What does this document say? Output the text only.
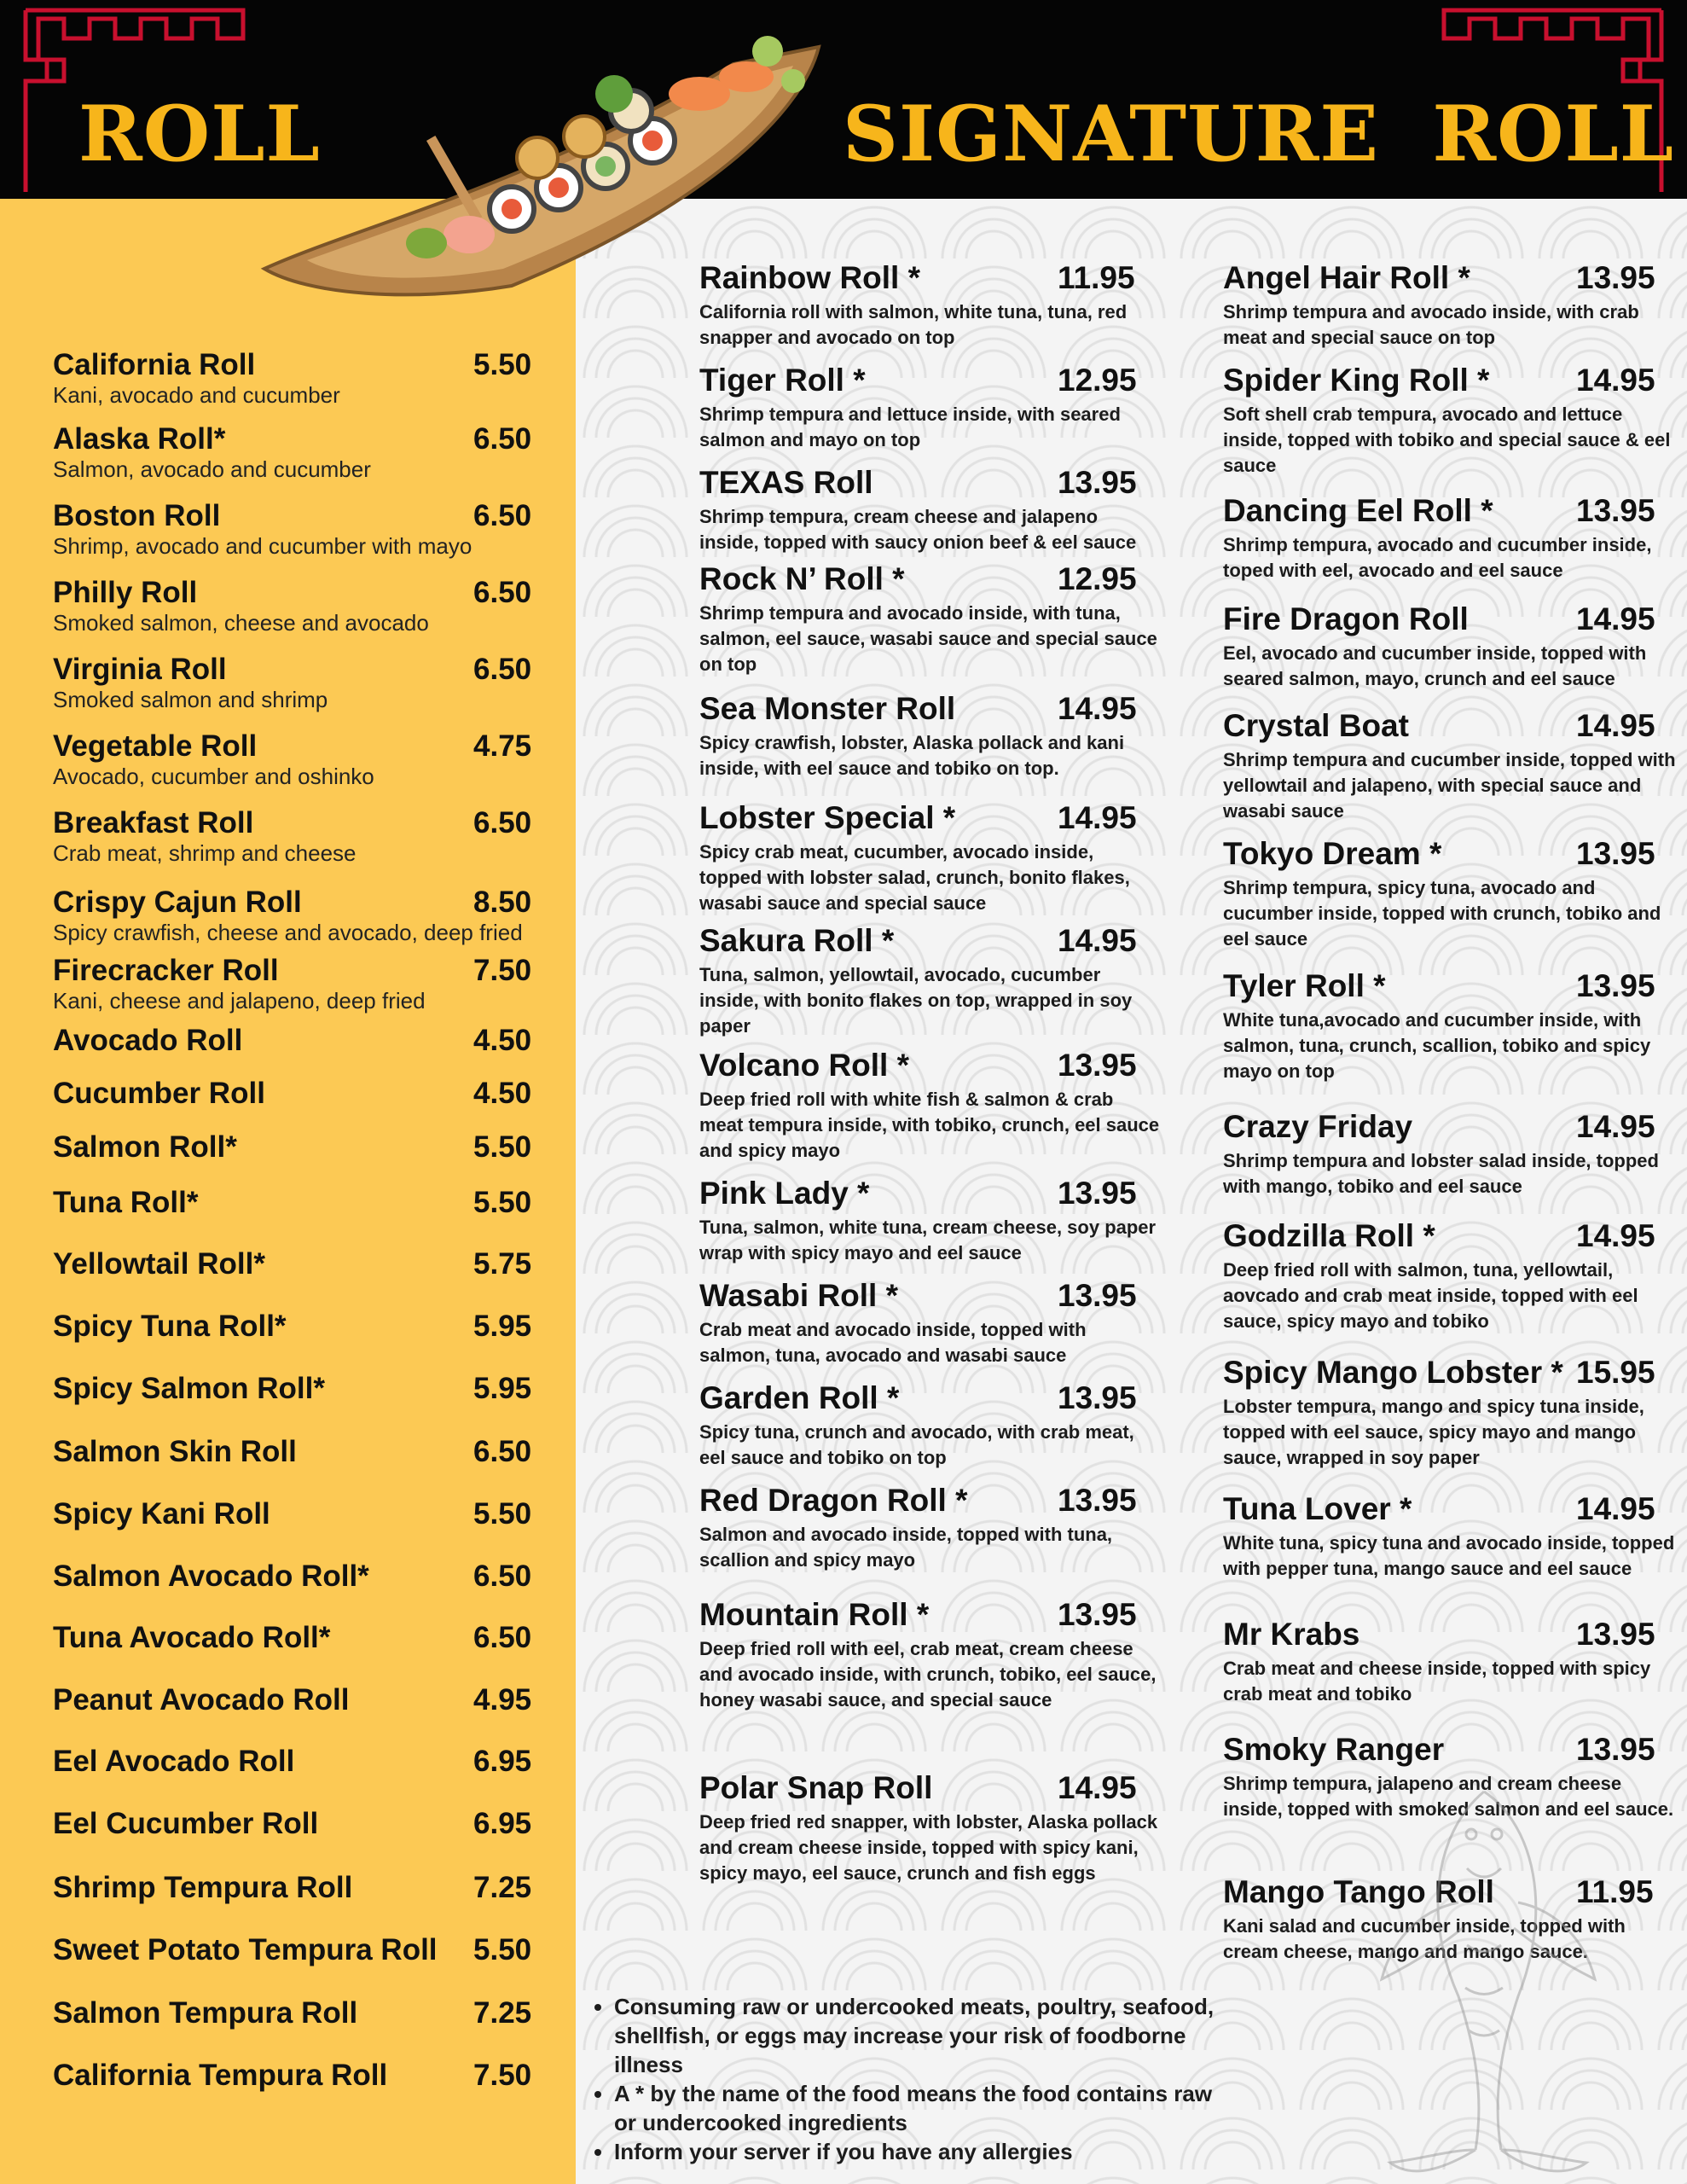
ROLL	SIGNATURE ROLL
California Roll	5.50
Kani, avocado and cucumber
Alaska Roll*	6.50
Salmon, avocado and cucumber
Boston Roll	6.50
Shrimp, avocado and cucumber with mayo
Philly Roll	6.50
Smoked salmon, cheese and avocado
Virginia Roll	6.50
Smoked salmon and shrimp
Vegetable Roll	4.75
Avocado, cucumber and oshinko
Breakfast Roll	6.50
Crab meat, shrimp and cheese
Crispy Cajun Roll	8.50
Spicy crawfish, cheese and avocado, deep fried
Firecracker Roll	7.50
Kani, cheese and jalapeno, deep fried
Avocado Roll	4.50
Cucumber Roll	4.50
Salmon Roll*	5.50
Tuna Roll*	5.50
Yellowtail Roll*	5.75
Spicy Tuna Roll*	5.95
Spicy Salmon Roll*	5.95
Salmon Skin Roll	6.50
Spicy Kani Roll	5.50
Salmon Avocado Roll*	6.50
Tuna Avocado Roll*	6.50
Peanut Avocado Roll	4.95
Eel Avocado Roll	6.95
Eel Cucumber Roll	6.95
Shrimp Tempura Roll	7.25
Sweet Potato Tempura Roll 5.50
Salmon Tempura Roll	7.25
California Tempura Roll	7.50
Rainbow Roll *	11.95
California roll with salmon, white tuna, tuna, red snapper and avocado on top
Tiger Roll *	12.95
Shrimp tempura and lettuce inside, with seared salmon and mayo on top
TEXAS Roll	13.95
Shrimp tempura, cream cheese and jalapeno inside, topped with saucy onion beef & eel sauce
Rock N’ Roll *	12.95
Shrimp tempura and avocado inside, with tuna, salmon, eel sauce, wasabi sauce and special sauce on top
Sea Monster Roll	14.95
Spicy crawfish, lobster, Alaska pollack and kani inside, with eel sauce and tobiko on top.
Lobster Special *	14.95
Spicy crab meat, cucumber, avocado inside, topped with lobster salad, crunch, bonito flakes, wasabi sauce and special sauce
Sakura Roll *	14.95
Tuna, salmon, yellowtail, avocado, cucumber inside, with bonito flakes on top, wrapped in soy paper
Volcano Roll *	13.95
Deep fried roll with white fish & salmon & crab meat tempura inside, with tobiko, crunch, eel sauce and spicy mayo
Pink Lady *	13.95
Tuna, salmon, white tuna, cream cheese, soy paper wrap with spicy mayo and eel sauce
Wasabi Roll *	13.95
Crab meat and avocado inside, topped with salmon, tuna, avocado and wasabi sauce
Garden Roll *	13.95
Spicy tuna, crunch and avocado, with crab meat, eel sauce and tobiko on top
Red Dragon Roll *	13.95
Salmon and avocado inside, topped with tuna, scallion and spicy mayo
Mountain Roll *	13.95
Deep fried roll with eel, crab meat, cream cheese and avocado inside, with crunch, tobiko, eel sauce, honey wasabi sauce, and special sauce
Polar Snap Roll	14.95
Deep fried red snapper, with lobster, Alaska pollack and cream cheese inside, topped with spicy kani, spicy mayo, eel sauce, crunch and fish eggs
Angel Hair Roll *	13.95
Shrimp tempura and avocado inside, with crab meat and special sauce on top
Spider King Roll *	14.95
Soft shell crab tempura, avocado and lettuce inside, topped with tobiko and special sauce & eel sauce
Dancing Eel Roll *	13.95
Shrimp tempura, avocado and cucumber inside, toped with eel, avocado and eel sauce
Fire Dragon Roll	14.95
Eel, avocado and cucumber inside, topped with seared salmon, mayo, crunch and eel sauce
Crystal Boat	14.95
Shrimp tempura and cucumber inside, topped with yellowtail and jalapeno, with special sauce and wasabi sauce
Tokyo Dream *	13.95
Shrimp tempura, spicy tuna, avocado and cucumber inside, topped with crunch, tobiko and eel sauce
Tyler Roll *	13.95
White tuna,avocado and cucumber inside, with salmon, tuna, crunch, scallion, tobiko and spicy mayo on top
Crazy Friday	14.95
Shrimp tempura and lobster salad inside, topped with mango, tobiko and eel sauce
Godzilla Roll *	14.95
Deep fried roll with salmon, tuna, yellowtail, aovcado and crab meat inside, topped with eel sauce, spicy mayo and tobiko
Spicy Mango Lobster * 15.95
Lobster tempura, mango and spicy tuna inside, topped with eel sauce, spicy mayo and mango sauce, wrapped in soy paper
Tuna Lover *	14.95
White tuna, spicy tuna and avocado inside, topped with pepper tuna, mango sauce and eel sauce
Mr Krabs	13.95
Crab meat and cheese inside, topped with spicy crab meat and tobiko
Smoky Ranger	13.95
Shrimp tempura, jalapeno and cream cheese inside, topped with smoked salmon and eel sauce.
Mango Tango Roll	11.95
Kani salad and cucumber inside, topped with cream cheese, mango and mango sauce.
• Consuming raw or undercooked meats, poultry, seafood, shellfish, or eggs may increase your risk of foodborne illness
• A * by the name of the food means the food contains raw or undercooked ingredients
• Inform your server if you have any allergies
